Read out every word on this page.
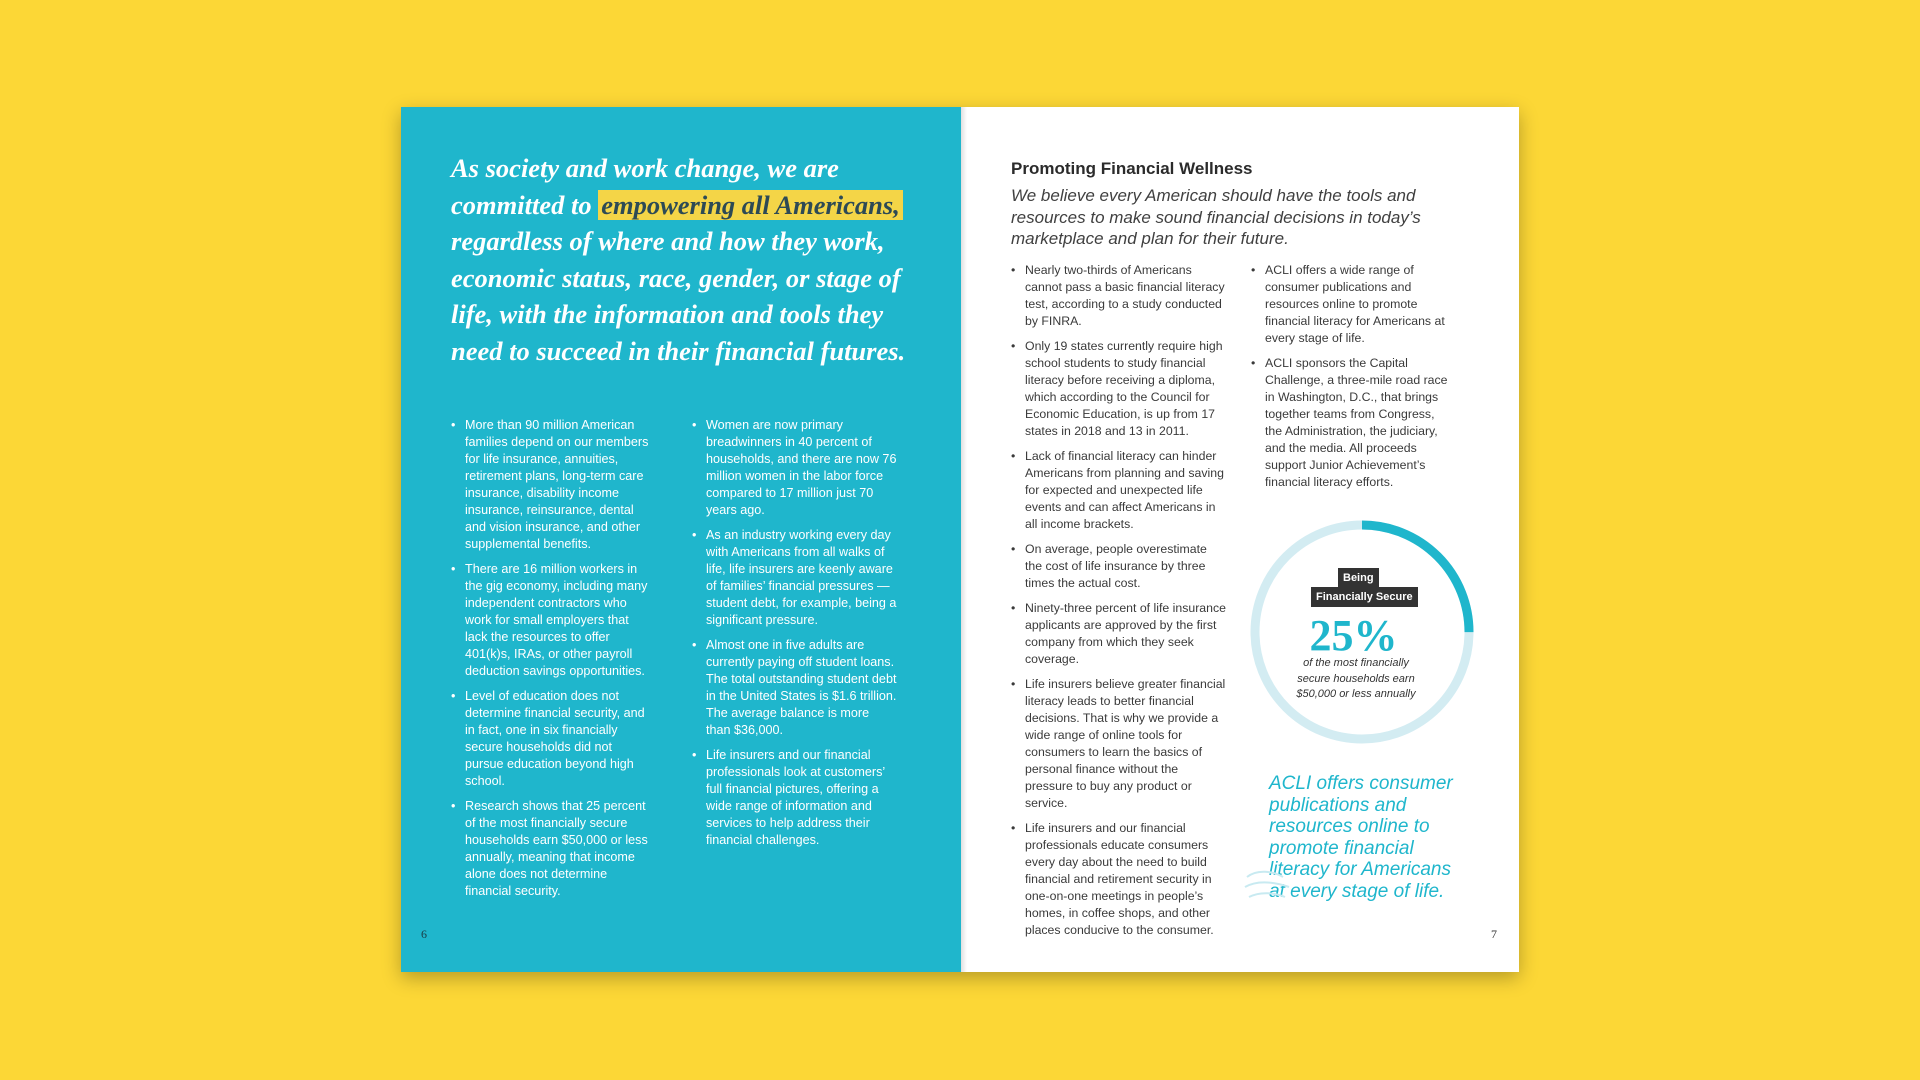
As society and work change, we are committed to empowering all Americans, regardless of where and how they work, economic status, race, gender, or stage of life, with the information and tools they need to succeed in their financial futures.
• More than 90 million American families depend on our members for life insurance, annuities, retirement plans, long-term care insurance, disability income insurance, reinsurance, dental and vision insurance, and other supplemental benefits.
• There are 16 million workers in the gig economy, including many independent contractors who work for small employers that lack the resources to offer 401(k)s, IRAs, or other payroll deduction savings opportunities.
• Level of education does not determine financial security, and in fact, one in six financially secure households did not pursue education beyond high school.
• Research shows that 25 percent of the most financially secure households earn $50,000 or less annually, meaning that income alone does not determine financial security.
• Women are now primary breadwinners in 40 percent of households, and there are now 76 million women in the labor force compared to 17 million just 70 years ago.
• As an industry working every day with Americans from all walks of life, life insurers are keenly aware of families’ financial pressures — student debt, for example, being a significant pressure.
• Almost one in five adults are currently paying off student loans. The total outstanding student debt in the United States is $1.6 trillion. The average balance is more than $36,000.
• Life insurers and our financial professionals look at customers’ full financial pictures, offering a wide range of information and services to help address their financial challenges.
6
Promoting Financial Wellness
We believe every American should have the tools and resources to make sound financial decisions in today’s marketplace and plan for their future.
• Nearly two-thirds of Americans cannot pass a basic financial literacy test, according to a study conducted by FINRA.
• Only 19 states currently require high school students to study financial literacy before receiving a diploma, which according to the Council for Economic Education, is up from 17 states in 2018 and 13 in 2011.
• Lack of financial literacy can hinder Americans from planning and saving for expected and unexpected life events and can affect Americans in all income brackets.
• On average, people overestimate the cost of life insurance by three times the actual cost.
• Ninety-three percent of life insurance applicants are approved by the first company from which they seek coverage.
• Life insurers believe greater financial literacy leads to better financial decisions. That is why we provide a wide range of online tools for consumers to learn the basics of personal finance without the pressure to buy any product or service.
• Life insurers and our financial professionals educate consumers every day about the need to build financial and retirement security in one-on-one meetings in people’s homes, in coffee shops, and other places conducive to the consumer.
• ACLI offers a wide range of consumer publications and resources online to promote financial literacy for Americans at every stage of life.
• ACLI sponsors the Capital Challenge, a three-mile road race in Washington, D.C., that brings together teams from Congress, the Administration, the judiciary, and the media. All proceeds support Junior Achievement’s financial literacy efforts.
Being
Financially Secure
25%
of the most financially secure households earn $50,000 or less annually
ACLI offers consumer publications and resources online to promote financial literacy for Americans at every stage of life.
7
